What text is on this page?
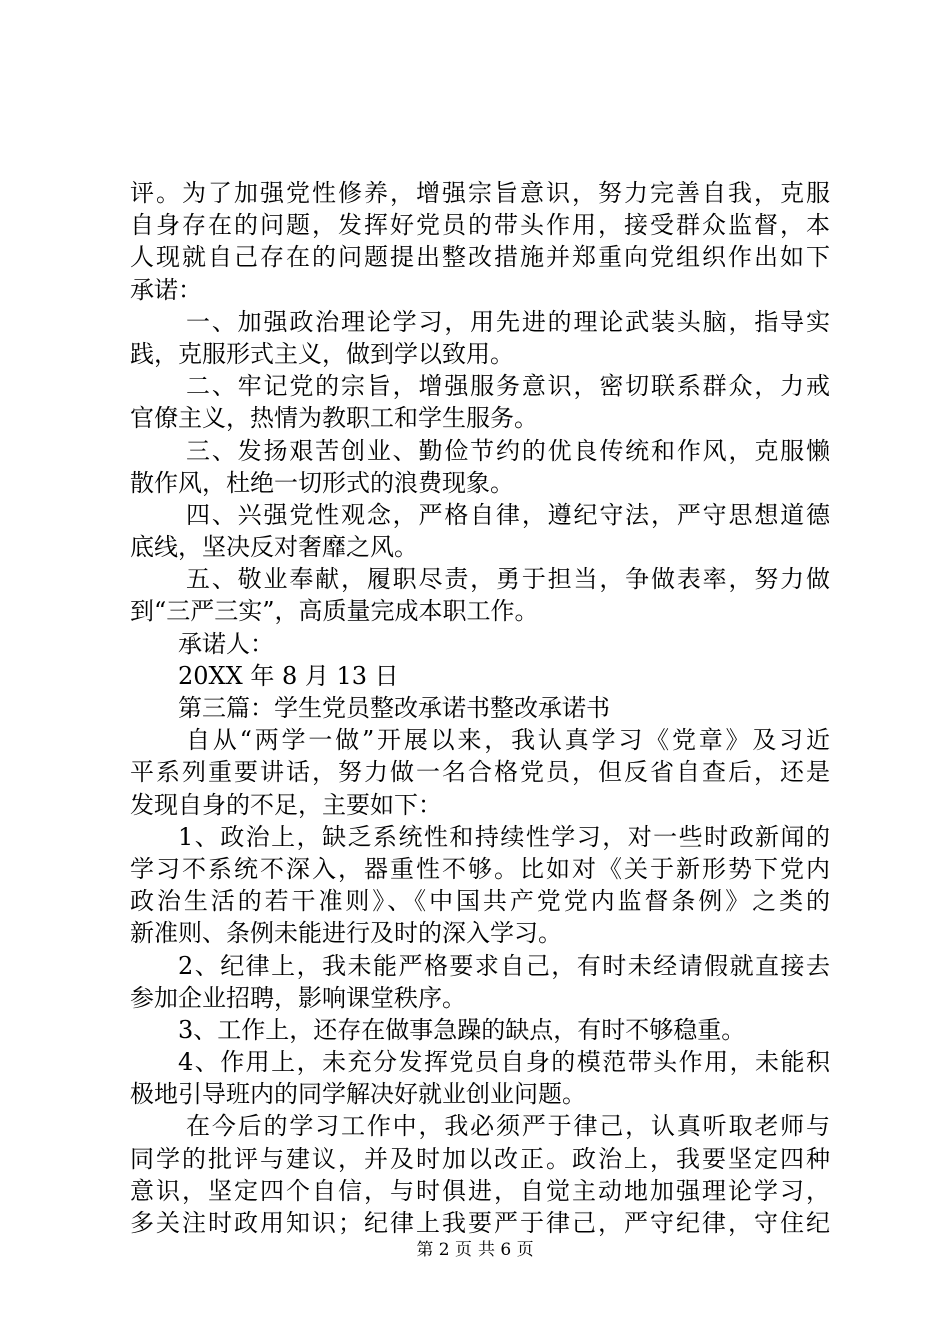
评。为了加强党性修养，增强宗旨意识，努力完善自我，克服
自身存在的问题，发挥好党员的带头作用，接受群众监督，本
人现就自己存在的问题提出整改措施并郑重向党组织作出如下
承诺：
一、加强政治理论学习，用先进的理论武装头脑，指导实
践，克服形式主义，做到学以致用。
二、牢记党的宗旨，增强服务意识，密切联系群众，力戒
官僚主义，热情为教职工和学生服务。
三、发扬艰苦创业、勤俭节约的优良传统和作风，克服懒
散作风，杜绝一切形式的浪费现象。
四、兴强党性观念，严格自律，遵纪守法，严守思想道德
底线，坚决反对奢靡之风。
五、敬业奉献，履职尽责，勇于担当，争做表率，努力做
到“三严三实”，高质量完成本职工作。
承诺人：
20XX 年 8 月 13 日
第三篇：学生党员整改承诺书整改承诺书
自从“两学一做”开展以来，我认真学习《党章》及习近
平系列重要讲话，努力做一名合格党员，但反省自查后，还是
发现自身的不足，主要如下：
1、政治上，缺乏系统性和持续性学习，对一些时政新闻的
学习不系统不深入，器重性不够。比如对《关于新形势下党内
政治生活的若干准则》、《中国共产党党内监督条例》之类的
新准则、条例未能进行及时的深入学习。
2、纪律上，我未能严格要求自己，有时未经请假就直接去
参加企业招聘，影响课堂秩序。
3、工作上，还存在做事急躁的缺点，有时不够稳重。
4、作用上，未充分发挥党员自身的模范带头作用，未能积
极地引导班内的同学解决好就业创业问题。
在今后的学习工作中，我必须严于律己，认真听取老师与
同学的批评与建议，并及时加以改正。政治上，我要坚定四种
意识，坚定四个自信，与时俱进，自觉主动地加强理论学习，
多关注时政用知识；纪律上我要严于律己，严守纪律，守住纪
第 2 页 共 6 页
